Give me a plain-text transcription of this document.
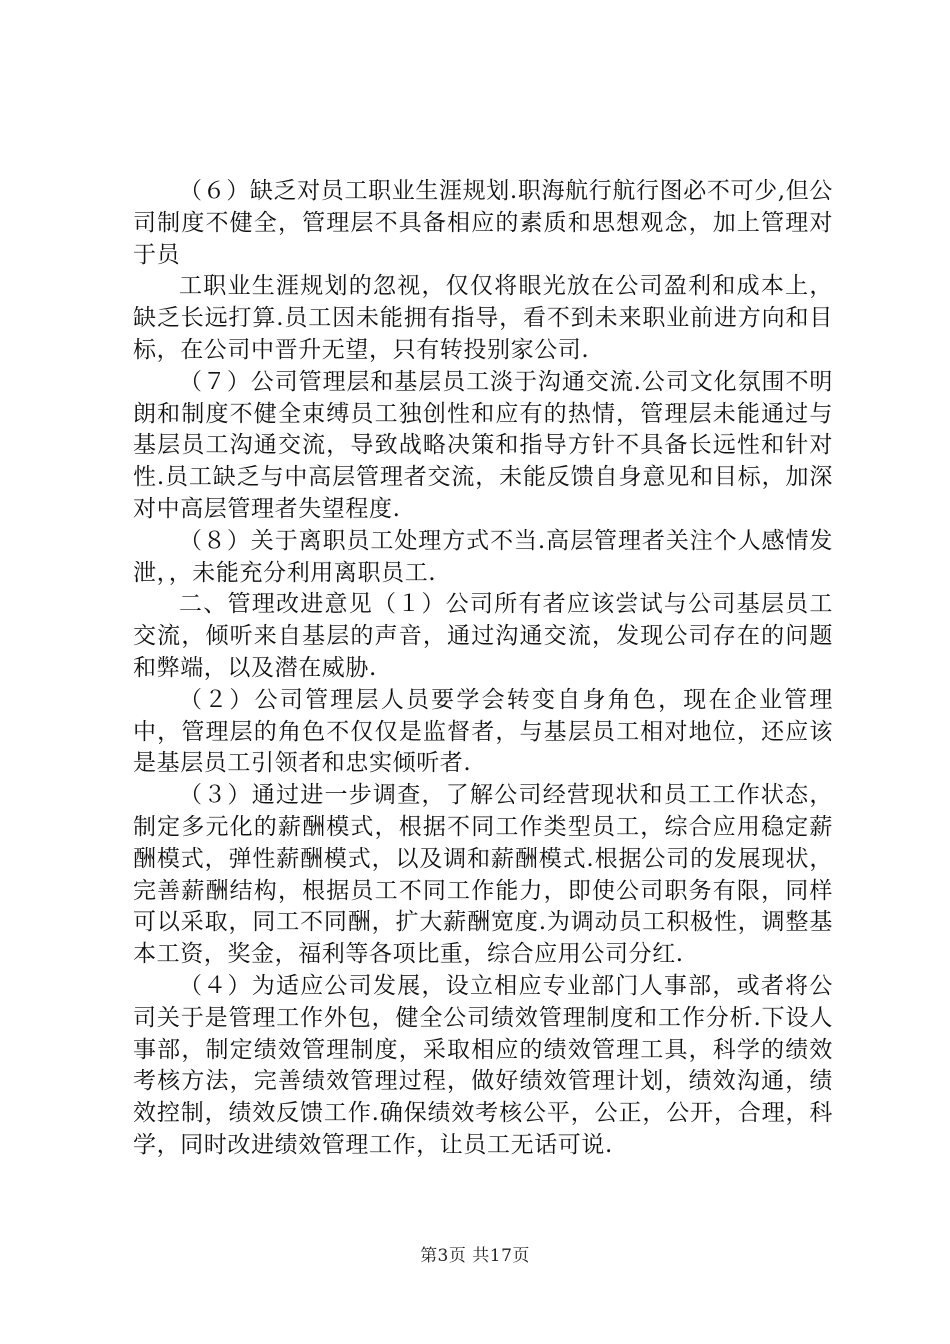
（６）缺乏对员工职业生涯规划.职海航行航行图必不可少,但公司制度不健全，管理层不具备相应的素质和思想观念，加上管理对于员

工职业生涯规划的忽视，仅仅将眼光放在公司盈利和成本上，缺乏长远打算.员工因未能拥有指导，看不到未来职业前进方向和目标，在公司中晋升无望，只有转投别家公司.

（７）公司管理层和基层员工淡于沟通交流.公司文化氛围不明朗和制度不健全束缚员工独创性和应有的热情，管理层未能通过与基层员工沟通交流，导致战略决策和指导方针不具备长远性和针对性.员工缺乏与中高层管理者交流，未能反馈自身意见和目标，加深对中高层管理者失望程度.

（８）关于离职员工处理方式不当.高层管理者关注个人感情发泄，，未能充分利用离职员工.

二、管理改进意见（１）公司所有者应该尝试与公司基层员工交流，倾听来自基层的声音，通过沟通交流，发现公司存在的问题和弊端，以及潜在威胁.

（２）公司管理层人员要学会转变自身角色，现在企业管理中，管理层的角色不仅仅是监督者，与基层员工相对地位，还应该是基层员工引领者和忠实倾听者.

（３）通过进一步调查，了解公司经营现状和员工工作状态，制定多元化的薪酬模式，根据不同工作类型员工，综合应用稳定薪酬模式，弹性薪酬模式，以及调和薪酬模式.根据公司的发展现状，完善薪酬结构，根据员工不同工作能力，即使公司职务有限，同样可以采取，同工不同酬，扩大薪酬宽度.为调动员工积极性，调整基本工资，奖金，福利等各项比重，综合应用公司分红.

（４）为适应公司发展，设立相应专业部门人事部，或者将公司关于是管理工作外包，健全公司绩效管理制度和工作分析.下设人事部，制定绩效管理制度，采取相应的绩效管理工具，科学的绩效考核方法，完善绩效管理过程，做好绩效管理计划，绩效沟通，绩效控制，绩效反馈工作.确保绩效考核公平，公正，公开，合理，科学，同时改进绩效管理工作，让员工无话可说.

第3页 共17页
